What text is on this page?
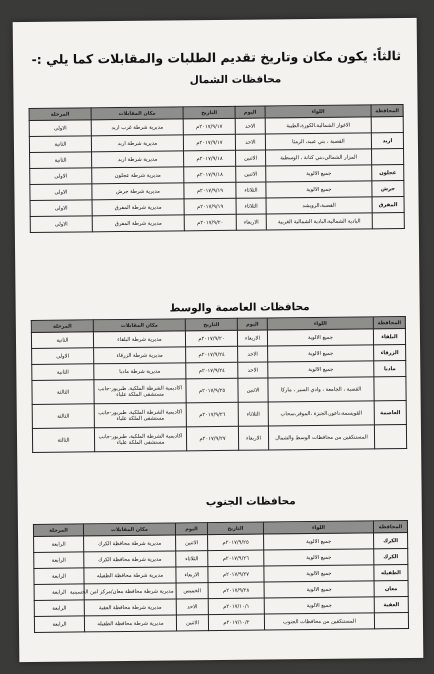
ثالثاً: يكون مكان وتاريخ تقديم الطلبات والمقابلات كما يلي :-
محافظات الشمال
المحافظة	اللواء	اليوم	التاريخ	مكان المقابلات	المرحلة
	الاغوار الشمالية،الكورة،الطيبة	الاحد	٢٠١٧/٩/١٧م	مديرية شرطة غرب اربد	الاولى
اربد	القصبة ، بني عبيد، الرمثا	الاحد	٢٠١٧/٩/١٧م	مديرية شرطة اربد	الثانية
	المزار الشمالي،بني كنانة ، الوسطية	الاثنين	٢٠١٧/٩/١٨م	مديرية شرطة اربد	الثانية
عجلون	جميع الالوية	الاثنين	٢٠١٧/٩/١٨م	مديرية شرطة عجلون	الاولى
جرش	جميع الالوية	الثلاثاء	٢٠١٧/٩/١٩م	مديرية شرطة جرش	الاولى
المفرق	القصبة،الرويشد	الثلاثاء	٢٠١٧/٩/١٩م	مديرية شرطة المفرق	الاولى
	البادية الشمالية،البادية الشمالية الغربية	الاربعاء	٢٠١٧/٩/٢٠م	مديرية شرطة المفرق	الاولى
محافظات العاصمة والوسط
المحافظة	اللواء	اليوم	التاريخ	مكان المقابلات	المرحلة
البلقاء	جميع الالوية	الاربعاء	٢٠١٧/٩/٢٠م	مديرية شرطة البلقاء	الثانية
الزرقاء	جميع الالوية	الاحد	٢٠١٧/٩/٢٤م	مديرية شرطة الزرقاء	الاولى
مادبا	جميع الالوية	الاحد	٢٠١٧/٩/٢٤م	مديرية شرطة مادبا	الثانية
	القصبة ، الجامعة ، وادي السير ، ماركا	الاثنين	٢٠١٧/٩/٢٥م	اكاديمية الشرطة الملكية، طبربور-جانب مستشفى الملكة علياء	الثالثة
العاصمة	القويسمة،ناعور،الجيزة ،الموقر،سحاب	الثلاثاء	٢٠١٧/٩/٢٦م	اكاديمية الشرطة الملكية، طبربور-جانب مستشفى الملكة علياء	الثالثة
	المستنكفين من محافظات الوسط والشمال	الاربعاء	٢٠١٧/٩/٢٧م	اكاديمية الشرطة الملكية، طبربور-جانب مستشفى الملكة علياء	الثالثة
محافظات الجنوب
المحافظة	اللواء	التاريخ	اليوم	مكان المقابلات	المرحلة
الكرك	جميع الالوية	٢٠١٧/٩/٢٥م	الاثنين	مديرية شرطة محافظة الكرك	الرابعة
الكرك	جميع الالوية	٢٠١٧/٩/٢٦م	الثلاثاء	مديرية شرطة محافظة الكرك	الرابعة
الطفيله	جميع الالوية	٢٠١٧/٩/٢٧م	الاربعاء	مديرية شرطة محافظة الطفيله	الرابعة
معان	جميع الالوية	٢٠١٧/٩/٢٨م	الخميس	مديرية شرطة محافظة معان/مركز امن الحسينية	الرابعة
العقبة	جميع الالوية	٢٠١٧/١٠/١م	الاحد	مديرية شرطة محافظة العقبة	الرابعة
	المستنكفين من محافظات الجنوب	٢٠١٧/١٠/٢م	الاثنين	مديرية شرطة محافظة الطفيله	الرابعة
